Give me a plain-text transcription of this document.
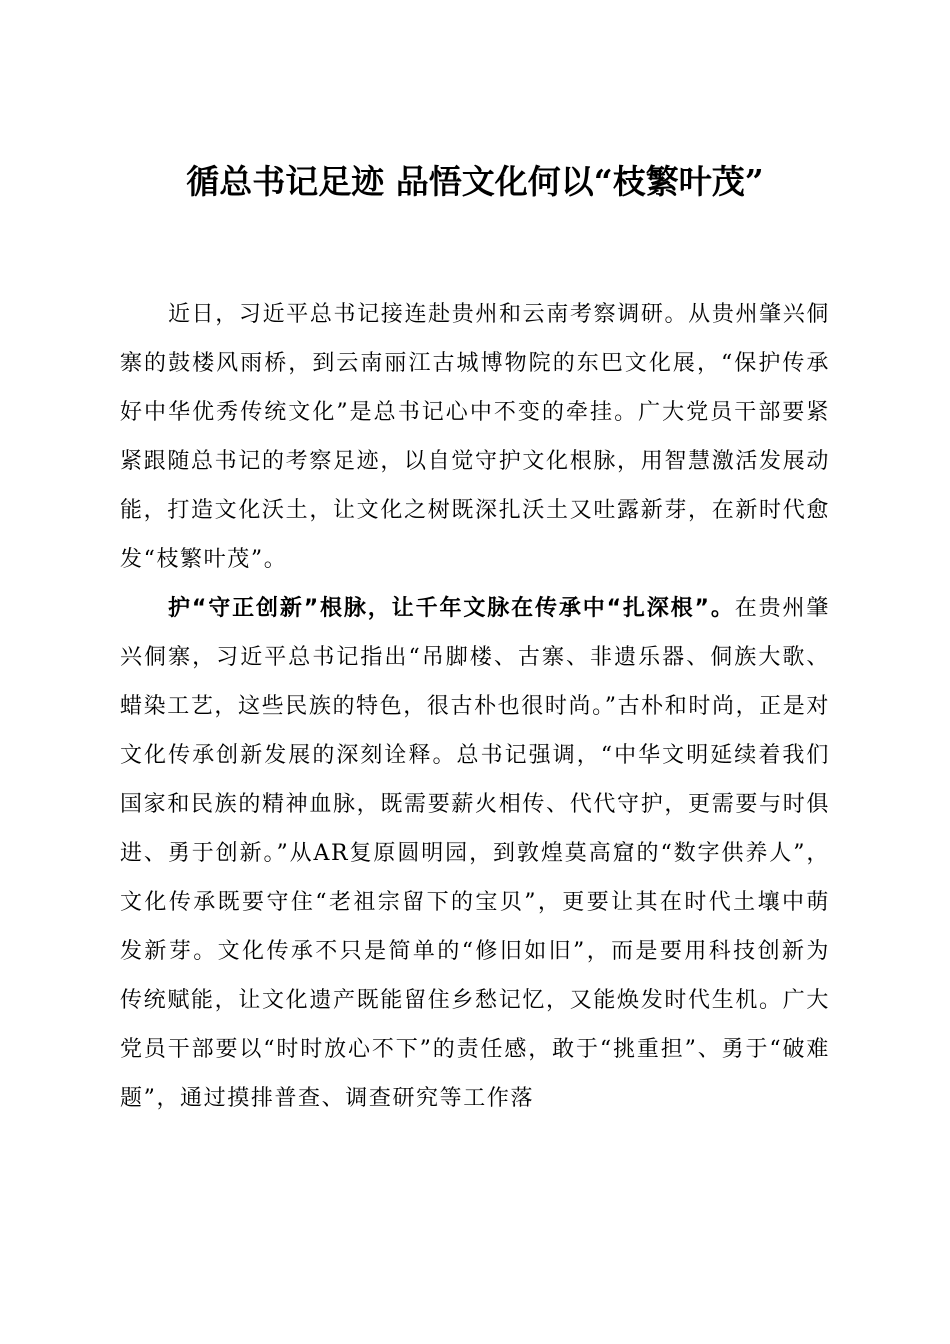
循总书记足迹 品悟文化何以“枝繁叶茂”

近日，习近平总书记接连赴贵州和云南考察调研。从贵州肇兴侗寨的鼓楼风雨桥，到云南丽江古城博物院的东巴文化展，“保护传承好中华优秀传统文化”是总书记心中不变的牵挂。广大党员干部要紧紧跟随总书记的考察足迹，以自觉守护文化根脉，用智慧激活发展动能，打造文化沃土，让文化之树既深扎沃土又吐露新芽，在新时代愈发“枝繁叶茂”。

护“守正创新”根脉，让千年文脉在传承中“扎深根”。在贵州肇兴侗寨，习近平总书记指出“吊脚楼、古寨、非遗乐器、侗族大歌、蜡染工艺，这些民族的特色，很古朴也很时尚。”古朴和时尚，正是对文化传承创新发展的深刻诠释。总书记强调，“中华文明延续着我们国家和民族的精神血脉，既需要薪火相传、代代守护，更需要与时俱进、勇于创新。”从AR复原圆明园，到敦煌莫高窟的“数字供养人”，文化传承既要守住“老祖宗留下的宝贝”，更要让其在时代土壤中萌发新芽。文化传承不只是简单的“修旧如旧”，而是要用科技创新为传统赋能，让文化遗产既能留住乡愁记忆，又能焕发时代生机。广大党员干部要以“时时放心不下”的责任感，敢于“挑重担”、勇于“破难题”，通过摸排普查、调查研究等工作落
